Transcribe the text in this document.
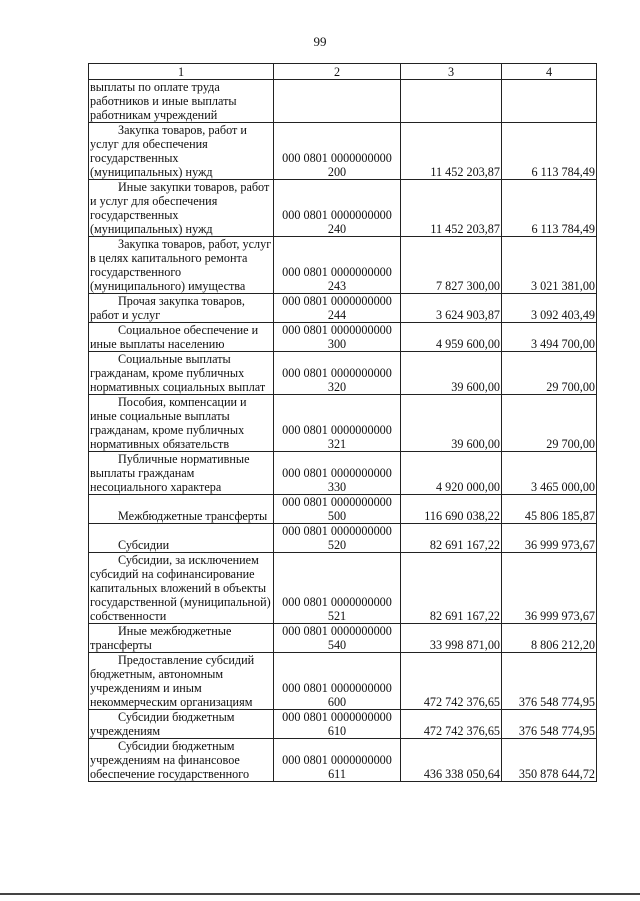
99
1	2	3	4
выплаты по оплате труда работников и иные выплаты работникам учреждений			
Закупка товаров, работ и услуг для обеспечения государственных (муниципальных) нужд	000 0801 0000000000 200	11 452 203,87	6 113 784,49
Иные закупки товаров, работ и услуг для обеспечения государственных (муниципальных) нужд	000 0801 0000000000 240	11 452 203,87	6 113 784,49
Закупка товаров, работ, услуг в целях капитального ремонта государственного (муниципального) имущества	000 0801 0000000000 243	7 827 300,00	3 021 381,00
Прочая закупка товаров, работ и услуг	000 0801 0000000000 244	3 624 903,87	3 092 403,49
Социальное обеспечение и иные выплаты населению	000 0801 0000000000 300	4 959 600,00	3 494 700,00
Социальные выплаты гражданам, кроме публичных нормативных социальных выплат	000 0801 0000000000 320	39 600,00	29 700,00
Пособия, компенсации и иные социальные выплаты гражданам, кроме публичных нормативных обязательств	000 0801 0000000000 321	39 600,00	29 700,00
Публичные нормативные выплаты гражданам несоциального характера	000 0801 0000000000 330	4 920 000,00	3 465 000,00
Межбюджетные трансферты	000 0801 0000000000 500	116 690 038,22	45 806 185,87
Субсидии	000 0801 0000000000 520	82 691 167,22	36 999 973,67
Субсидии, за исключением субсидий на софинансирование капитальных вложений в объекты государственной (муниципальной) собственности	000 0801 0000000000 521	82 691 167,22	36 999 973,67
Иные межбюджетные трансферты	000 0801 0000000000 540	33 998 871,00	8 806 212,20
Предоставление субсидий бюджетным, автономным учреждениям и иным некоммерческим организациям	000 0801 0000000000 600	472 742 376,65	376 548 774,95
Субсидии бюджетным учреждениям	000 0801 0000000000 610	472 742 376,65	376 548 774,95
Субсидии бюджетным учреждениям на финансовое обеспечение государственного	000 0801 0000000000 611	436 338 050,64	350 878 644,72
